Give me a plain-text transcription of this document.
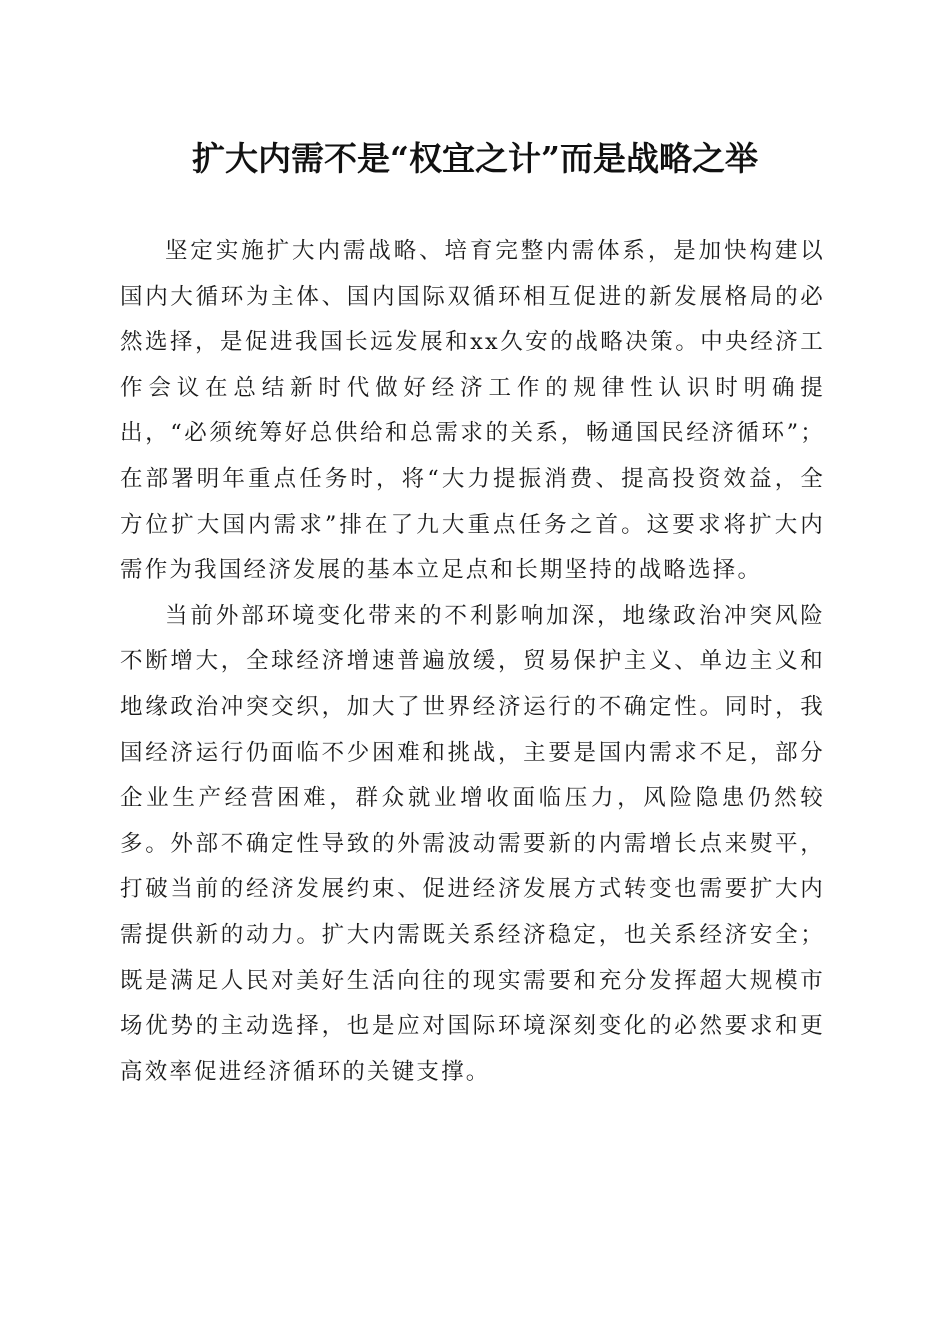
扩大内需不是“权宜之计”而是战略之举

坚定实施扩大内需战略、培育完整内需体系，是加快构建以国内大循环为主体、国内国际双循环相互促进的新发展格局的必然选择，是促进我国长远发展和xx久安的战略决策。中央经济工作会议在总结新时代做好经济工作的规律性认识时明确提出，“必须统筹好总供给和总需求的关系，畅通国民经济循环”；在部署明年重点任务时，将“大力提振消费、提高投资效益，全方位扩大国内需求”排在了九大重点任务之首。这要求将扩大内需作为我国经济发展的基本立足点和长期坚持的战略选择。

当前外部环境变化带来的不利影响加深，地缘政治冲突风险不断增大，全球经济增速普遍放缓，贸易保护主义、单边主义和地缘政治冲突交织，加大了世界经济运行的不确定性。同时，我国经济运行仍面临不少困难和挑战，主要是国内需求不足，部分企业生产经营困难，群众就业增收面临压力，风险隐患仍然较多。外部不确定性导致的外需波动需要新的内需增长点来熨平，打破当前的经济发展约束、促进经济发展方式转变也需要扩大内需提供新的动力。扩大内需既关系经济稳定，也关系经济安全；既是满足人民对美好生活向往的现实需要和充分发挥超大规模市场优势的主动选择，也是应对国际环境深刻变化的必然要求和更高效率促进经济循环的关键支撑。
